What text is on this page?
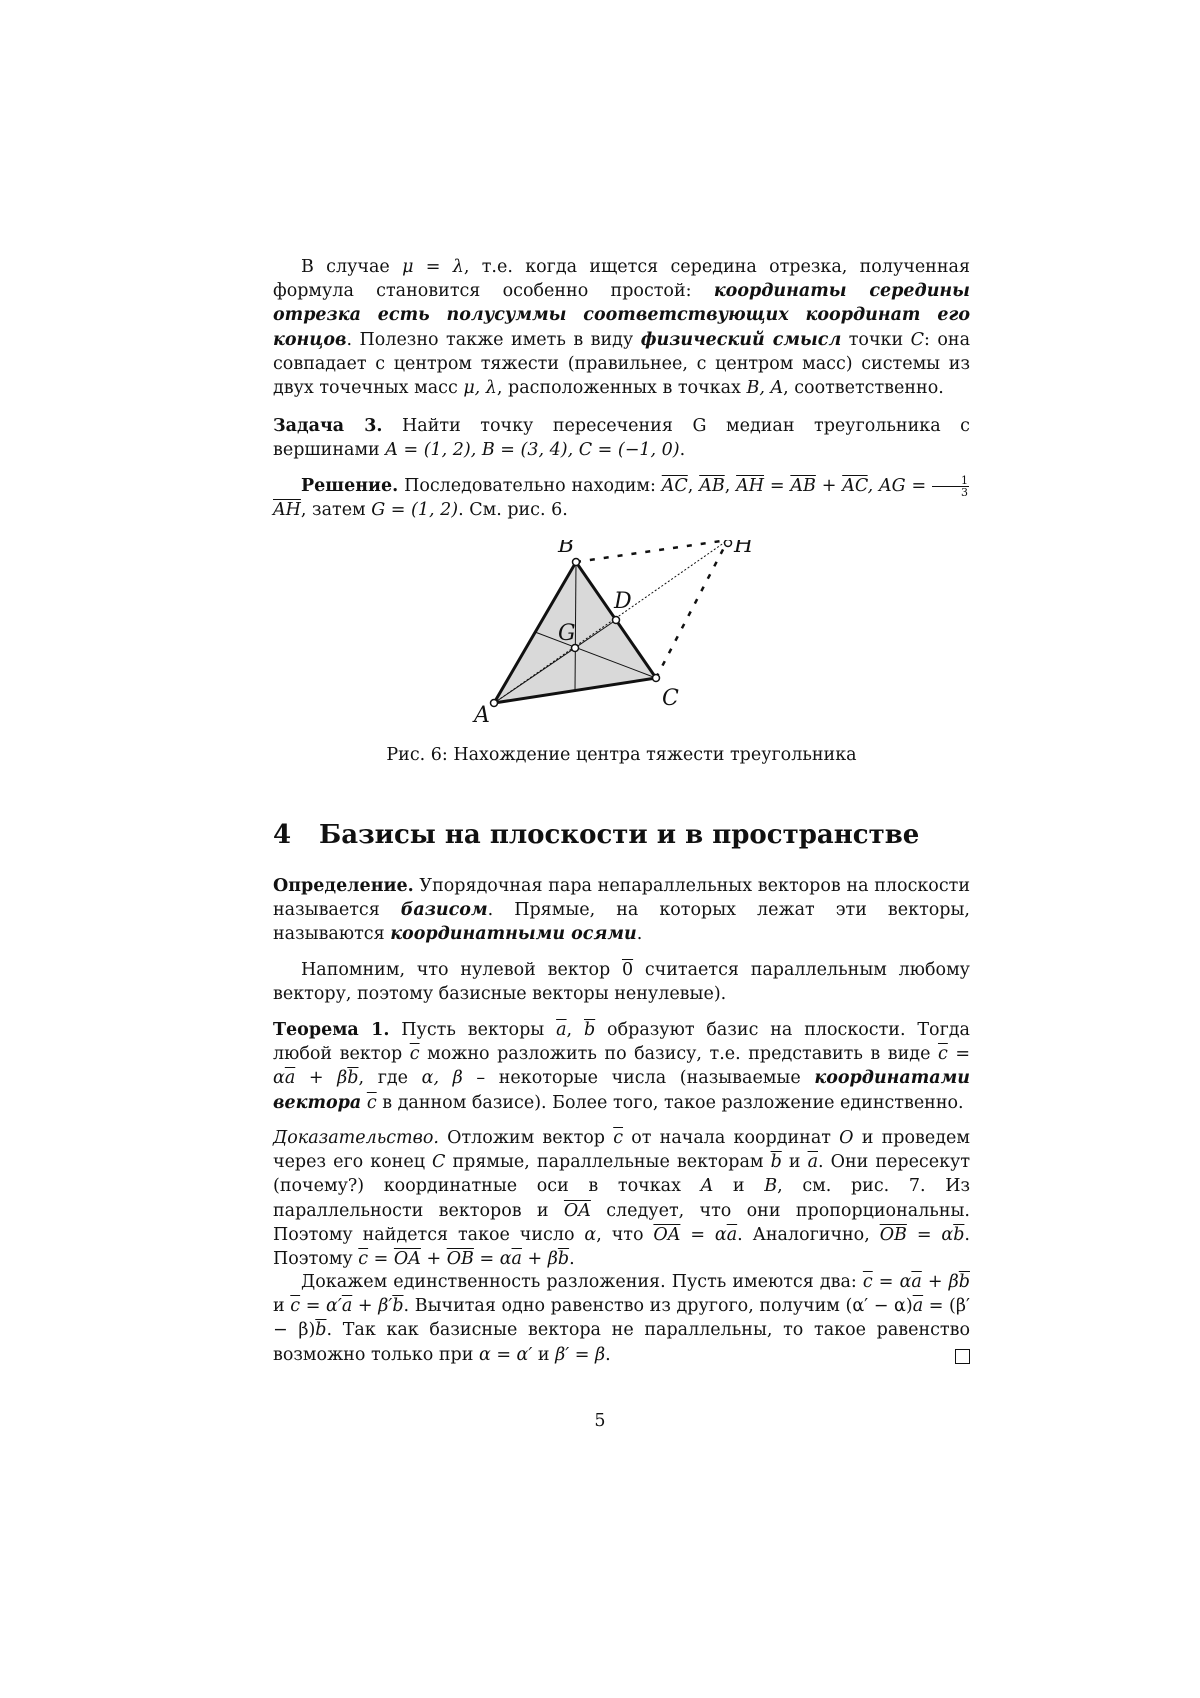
В случае μ = λ, т.е. когда ищется середина отрезка, полученная формула становится особенно простой: координаты середины отрезка есть полусуммы соответствующих координат его концов. Полезно также иметь в виду физический смысл точки C: она совпадает с центром тяжести (правильнее, с центром масс) системы из двух точечных масс μ, λ, расположенных в точках B, A, соответственно.

Задача 3. Найти точку пересечения G медиан треугольника с вершинами A = (1, 2), B = (3, 4), C = (−1, 0).

Решение. Последовательно находим: $\overline{AC}$, $\overline{AB}$, $\overline{AH} = \overline{AB} + \overline{AC}$, AG = $\frac{1}{3}$
$\overline{AH}$, затем G = (1, 2). См. рис. 6.

B
A
C
D
G
H
Рис. 6: Нахождение центра тяжести треугольника
4 Базисы на плоскости и в пространстве

Определение. Упорядочная пара непараллельных векторов на плоскости называется базисом. Прямые, на которых лежат эти векторы, называются координатными осями.

Напомним, что нулевой вектор 0 считается параллельным любому вектору, поэтому базисные векторы ненулевые).

Теорема 1. Пусть векторы $\overline{a}$, $\overline{b}$ образуют базис на плоскости. Тогда любой вектор $\overline{c}$ можно разложить по базису, т.е. представить в виде $\overline{c} = \alpha\overline{a} + \beta\overline{b}$, где α, β – некоторые числа (называемые координатами вектора $\overline{c}$ в данном базисе). Более того, такое разложение единственно.

Доказательство. Отложим вектор $\overline{c}$ от начала координат O и проведем через его конец C прямые, параллельные векторам $\overline{b}$ и $\overline{a}$. Они пересекут (почему?) координатные оси в точках A и B, см. рис. 7. Из параллельности векторов и $\overline{OA}$ следует, что они пропорциональны. Поэтому найдется такое число α, что $\overline{OA} = \alpha\overline{a}$. Аналогично, $\overline{OB} = \alpha\overline{b}$. Поэтому $\overline{c} = \overline{OA} + \overline{OB} = \alpha\overline{a} + \beta\overline{b}$.

Докажем единственность разложения. Пусть имеются два: $\overline{c} = \alpha\overline{a} + \beta\overline{b}$ и $\overline{c} = \alpha'\overline{a} + \beta'\overline{b}$. Вычитая одно равенство из другого, получим $(\alpha' - \alpha)\overline{a} = (\beta' - \beta)\overline{b}$. Так как базисные вектора не параллельны, то такое равенство возможно только при α = α′ и β′ = β.

5
